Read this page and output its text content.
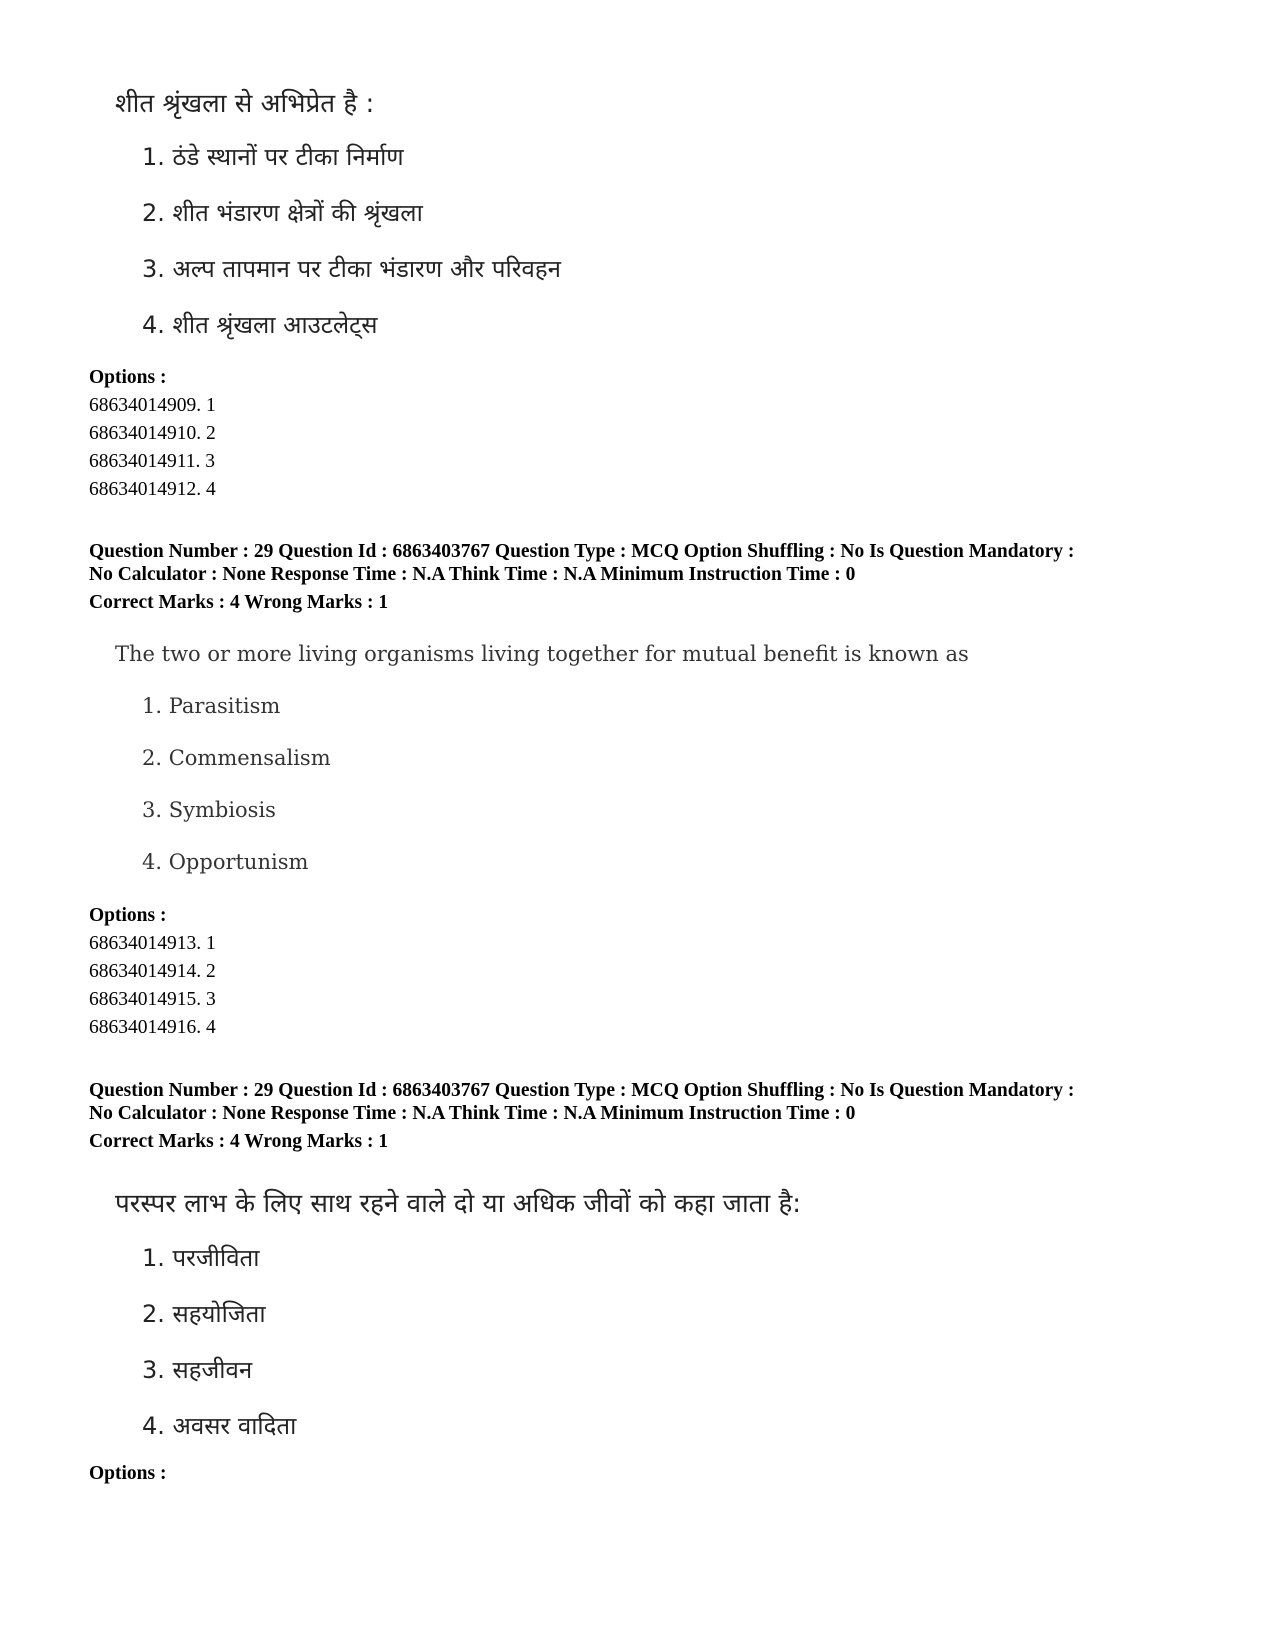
शीत श्रृंखला से अभिप्रेत है :
1. ठंडे स्थानों पर टीका निर्माण
2. शीत भंडारण क्षेत्रों की श्रृंखला
3. अल्प तापमान पर टीका भंडारण और परिवहन
4. शीत श्रृंखला आउटलेट्स
Options :
68634014909. 1
68634014910. 2
68634014911. 3
68634014912. 4
Question Number : 29 Question Id : 6863403767 Question Type : MCQ Option Shuffling : No Is Question Mandatory :
No Calculator : None Response Time : N.A Think Time : N.A Minimum Instruction Time : 0
Correct Marks : 4 Wrong Marks : 1
The two or more living organisms living together for mutual benefit is known as
1. Parasitism
2. Commensalism
3. Symbiosis
4. Opportunism
Options :
68634014913. 1
68634014914. 2
68634014915. 3
68634014916. 4
Question Number : 29 Question Id : 6863403767 Question Type : MCQ Option Shuffling : No Is Question Mandatory :
No Calculator : None Response Time : N.A Think Time : N.A Minimum Instruction Time : 0
Correct Marks : 4 Wrong Marks : 1
परस्पर लाभ के लिए साथ रहने वाले दो या अधिक जीवों को कहा जाता है:
1. परजीविता
2. सहयोजिता
3. सहजीवन
4. अवसर वादिता
Options :
